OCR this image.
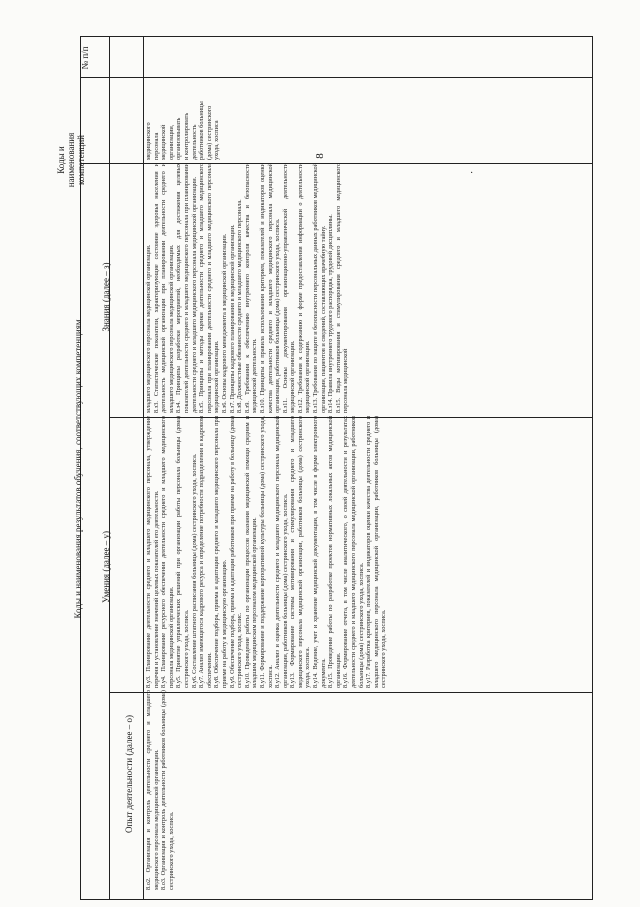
8
№ п/п
Коды и наименования компетенций
Коды и наименования результатов обучения, соответствующих компетенциям
Знания (далее – з)
Умения (далее – у)
Опыт деятельности (далее – о)
медицинского персонала медицинской организации, организовывать и контролировать деятельность работников больницы (дома) сестринского ухода, хосписа
младшего медицинского персонала медицинской организации. 8.з3. Статистические показатели, характеризующие состояние здоровья населения и деятельность медицинской организации при планировании деятельности среднего и младшего медицинского персонала медицинской организации. 8.з4. Принципы разработки мероприятий, необходимых для достижения целевых показателей деятельности среднего и младшего медицинского персонала при планировании деятельности среднего и младшего медицинского персонала медицинской организации. 8.з5. Принципы и методы оценки деятельности среднего и младшего медицинского персонала при планировании деятельности среднего и младшего медицинского персонала медицинской организации. 8.з6. Основы кадрового менеджмента в медицинской организации. 8.з7. Принципы кадрового планирования в медицинской организации. 8.з8. Должностные обязанности среднего и младшего медицинского персонала. 8.з9. Требования к обеспечению внутреннего контроля качества и безопасности медицинской деятельности. 8.з10. Принципы и правила использования критериев, показателей и индикаторов оценки качества деятельности среднего и младшего медицинского персонала медицинской организации, работников больницы (дома) сестринского ухода, хосписа. 8.з11. Основы документирования организационно-управленческой деятельности медицинской организации. 8.з12. Требования к содержанию и форме предоставления информации о деятельности медицинской организации. 8.з13. Требования по защите и безопасности персональных данных работников медицинской организации, пациентов и сведений, составляющих врачебную тайну. 8.з14. Правила внутреннего трудового распорядка, трудовой дисциплины. 8.з15. Виды мотивирования и стимулирования среднего и младшего медицинского персонала медицинской
8.у3. Планирование деятельности среднего и младшего медицинского персонала, утверждение перечня и установление значений целевых показателей его деятельности. 8.у4. Планирование ресурсного обеспечения деятельности среднего и младшего медицинского персонала медицинской организации. 8.у5. Принятие управленческих решений при организации работы персонала больницы (дома) сестринского ухода, хосписа. 8.у6. Составление штатного расписания больницы (дома) сестринского ухода, хосписа. 8.у7. Анализ имеющегося кадрового ресурса и определение потребности подразделения в кадровом обеспечении. 8.у8. Обеспечение подбора, приема и адаптации среднего и младшего медицинского персонала при приеме на работу в медицинскую организацию. 8.у9. Обеспечение подбора, приема и адаптации работников при приеме на работу в больницу (дома) сестринского ухода, хоспис. 8.у10. Проведение работы по организации процессов оказания медицинской помощи средним и младшим медицинским персоналом медицинской организации. 8.у11. Формирование и поддержание корпоративной культуры больницы (дома) сестринского ухода, хосписа. 8.у12. Анализ и оценка деятельности среднего и младшего медицинского персонала медицинской организации, работников больницы (дома) сестринского ухода, хосписа. 8.у13. Формирование системы мотивирования и стимулирования среднего и младшего медицинского персонала медицинской организации, работников больницы (дома) сестринского ухода, хосписа. 8.у14. Ведение, учет и хранение медицинской документации, в том числе в форме электронного документа. 8.у15. Проведение работы по разработке проектов нормативных локальных актов медицинской организации. 8.у16. Формирование отчета, в том числе аналитического, о своей деятельности и результатах деятельности среднего и младшего медицинского персонала медицинской организации, работников больницы (дома) сестринского ухода, хосписа. 8.у17. Разработка критериев, показателей и индикаторов оценки качества деятельности среднего и младшего медицинского персонала медицинской организации, работников больницы (дома) сестринского ухода, хосписа.
8.о2. Организация и контроль деятельности среднего и младшего медицинского персонала медицинской организации. 8.о3. Организация и контроль деятельности работников больницы (дома) сестринского ухода, хосписа.
·
